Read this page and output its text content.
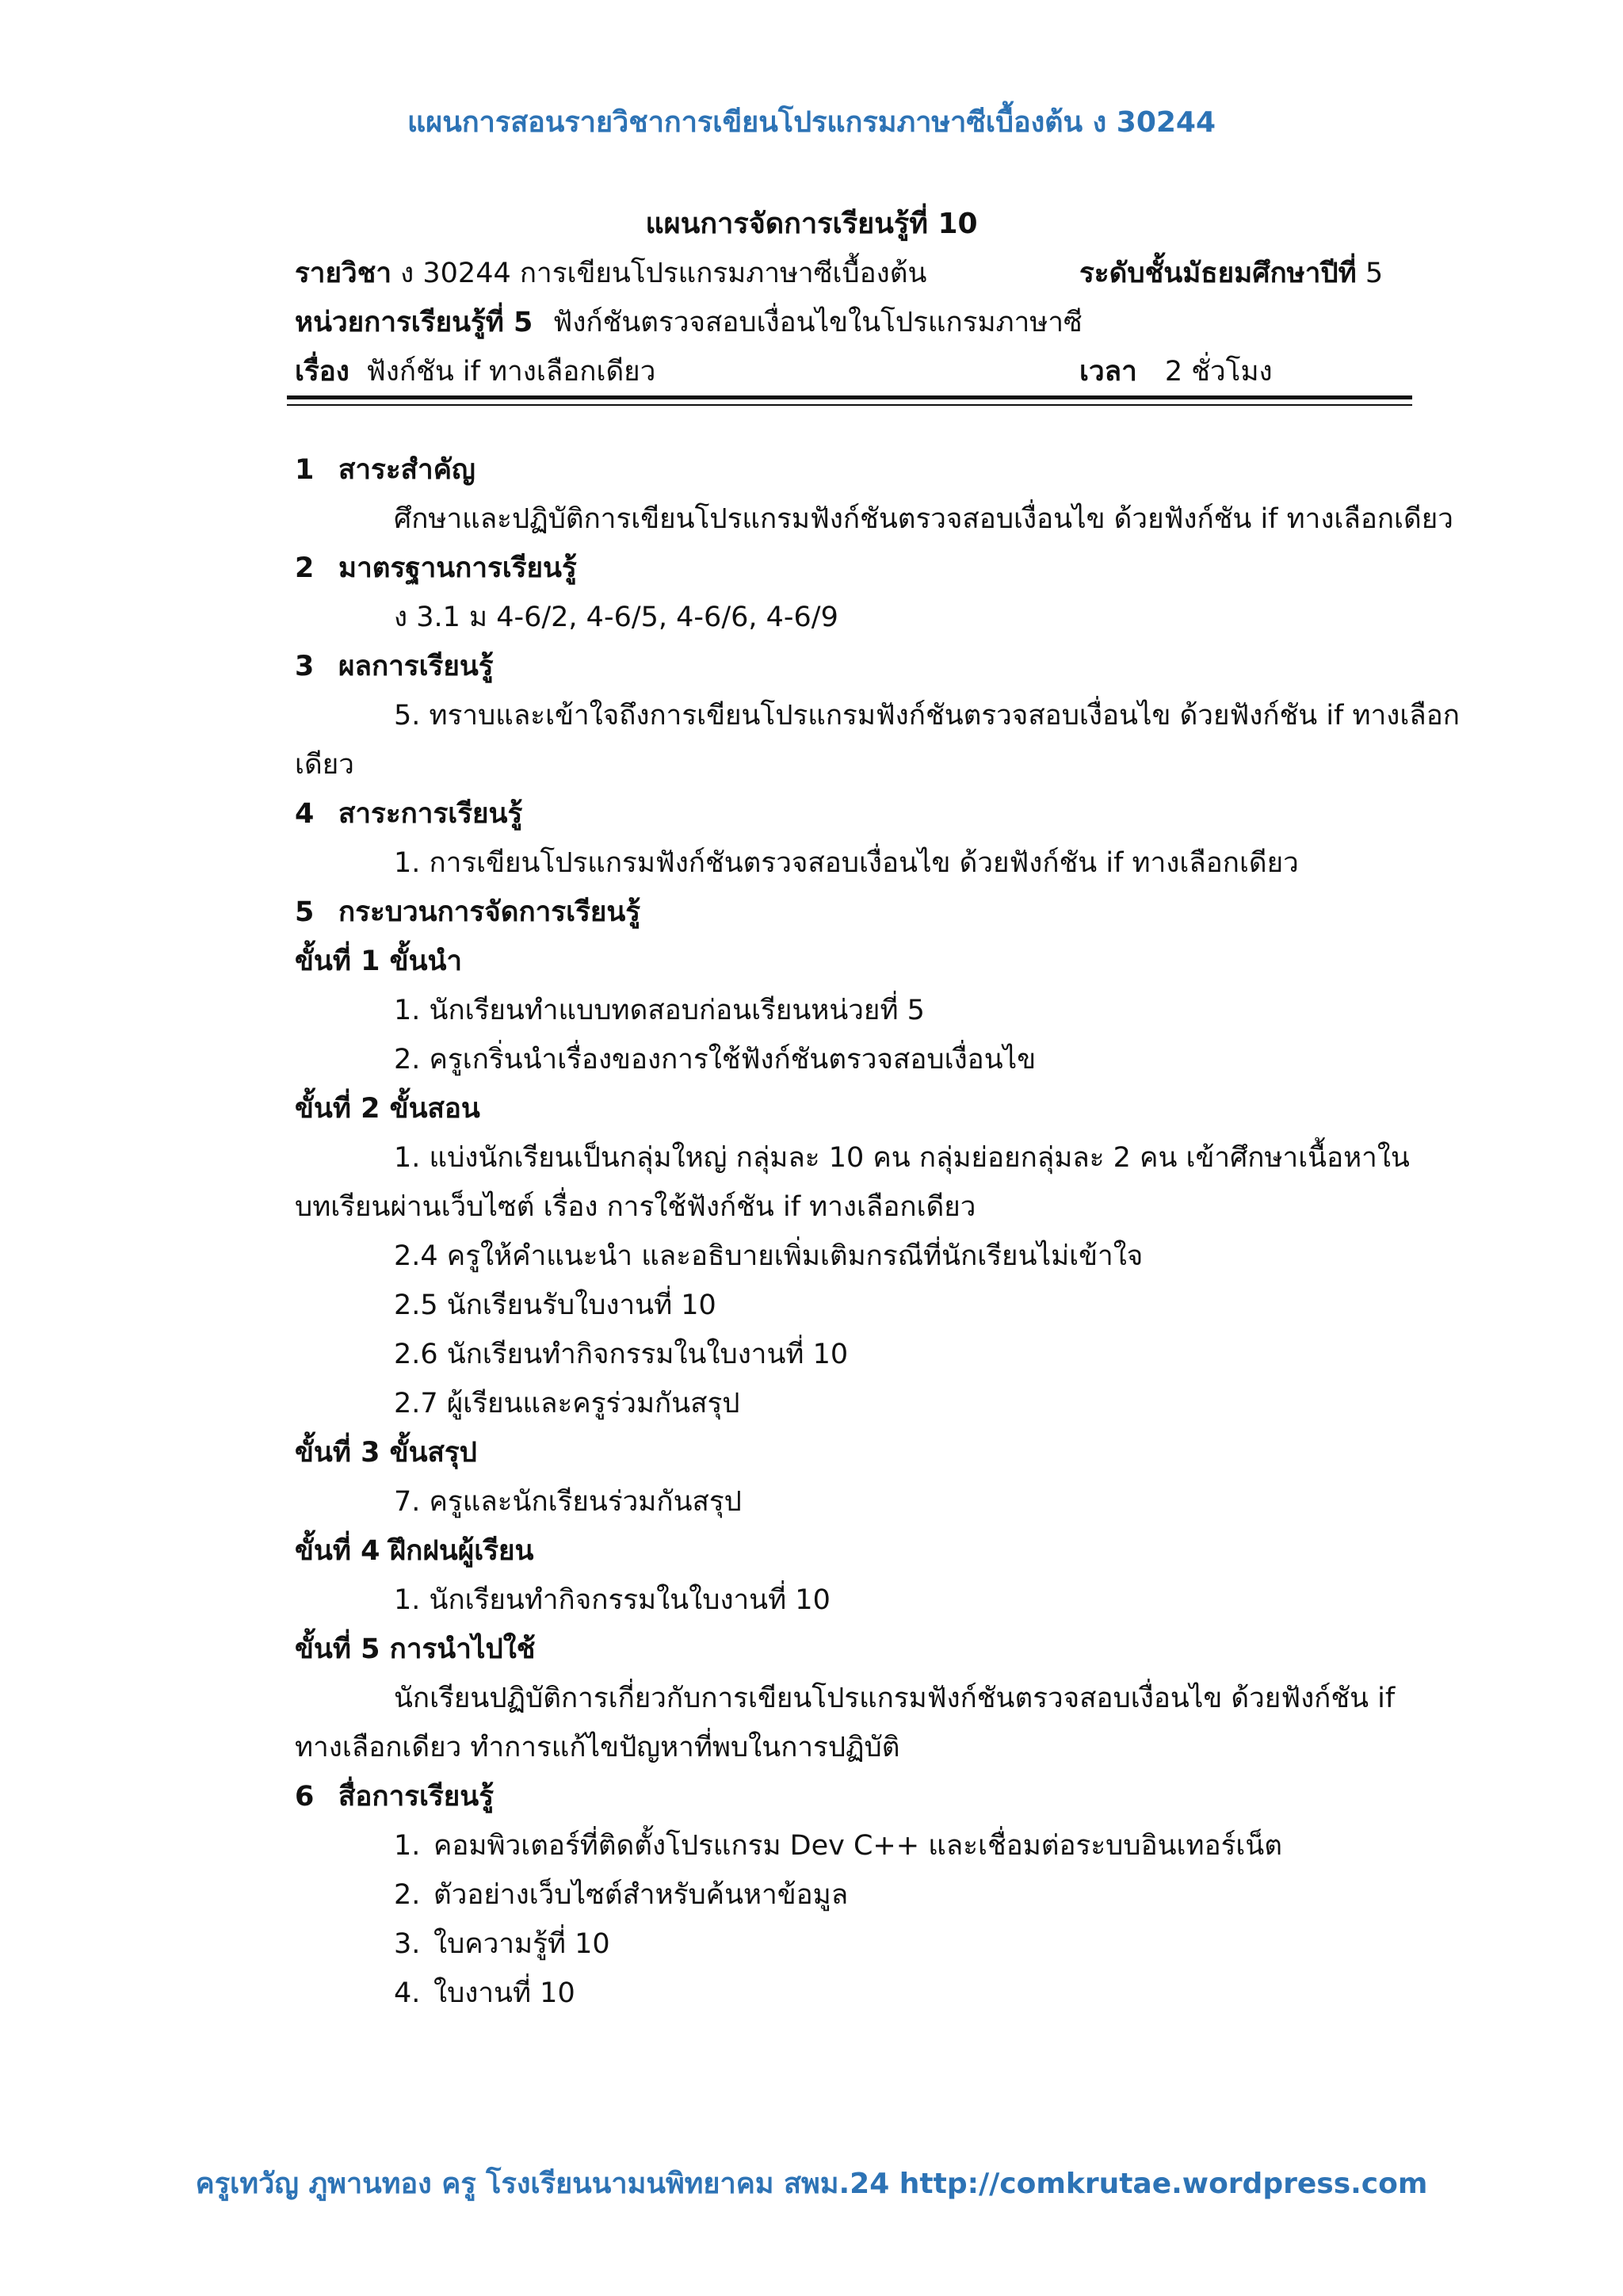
แผนการสอนรายวิชาการเขียนโปรแกรมภาษาซีเบื้องต้น ง 30244
แผนการจัดการเรียนรู้ที่ 10
รายวิชา ง 30244 การเขียนโปรแกรมภาษาซีเบื้องต้น	ระดับชั้นมัธยมศึกษาปีที่ 5
หน่วยการเรียนรู้ที่ 5 ฟังก์ชันตรวจสอบเงื่อนไขในโปรแกรมภาษาซี
เรื่อง ฟังก์ชัน if ทางเลือกเดียว	เวลา 2 ชั่วโมง
1 สาระสำคัญ
ศึกษาและปฏิบัติการเขียนโปรแกรมฟังก์ชันตรวจสอบเงื่อนไข ด้วยฟังก์ชัน if ทางเลือกเดียว
2 มาตรฐานการเรียนรู้
ง 3.1 ม 4-6/2, 4-6/5, 4-6/6, 4-6/9
3 ผลการเรียนรู้
5. ทราบและเข้าใจถึงการเขียนโปรแกรมฟังก์ชันตรวจสอบเงื่อนไข ด้วยฟังก์ชัน if ทางเลือก
เดียว
4 สาระการเรียนรู้
1. การเขียนโปรแกรมฟังก์ชันตรวจสอบเงื่อนไข ด้วยฟังก์ชัน if ทางเลือกเดียว
5 กระบวนการจัดการเรียนรู้
ขั้นที่ 1 ขั้นนำ
1. นักเรียนทำแบบทดสอบก่อนเรียนหน่วยที่ 5
2. ครูเกริ่นนำเรื่องของการใช้ฟังก์ชันตรวจสอบเงื่อนไข
ขั้นที่ 2 ขั้นสอน
1. แบ่งนักเรียนเป็นกลุ่มใหญ่ กลุ่มละ 10 คน กลุ่มย่อยกลุ่มละ 2 คน เข้าศึกษาเนื้อหาใน
บทเรียนผ่านเว็บไซต์ เรื่อง การใช้ฟังก์ชัน if ทางเลือกเดียว
2.4 ครูให้คำแนะนำ และอธิบายเพิ่มเติมกรณีที่นักเรียนไม่เข้าใจ
2.5 นักเรียนรับใบงานที่ 10
2.6 นักเรียนทำกิจกรรมในใบงานที่ 10
2.7 ผู้เรียนและครูร่วมกันสรุป
ขั้นที่ 3 ขั้นสรุป
7. ครูและนักเรียนร่วมกันสรุป
ขั้นที่ 4 ฝึกฝนผู้เรียน
1. นักเรียนทำกิจกรรมในใบงานที่ 10
ขั้นที่ 5 การนำไปใช้
นักเรียนปฏิบัติการเกี่ยวกับการเขียนโปรแกรมฟังก์ชันตรวจสอบเงื่อนไข ด้วยฟังก์ชัน if
ทางเลือกเดียว ทำการแก้ไขปัญหาที่พบในการปฏิบัติ
6 สื่อการเรียนรู้
1. คอมพิวเตอร์ที่ติดตั้งโปรแกรม Dev C++ และเชื่อมต่อระบบอินเทอร์เน็ต
2. ตัวอย่างเว็บไซต์สำหรับค้นหาข้อมูล
3. ใบความรู้ที่ 10
4. ใบงานที่ 10
ครูเทวัญ ภูพานทอง ครู โรงเรียนนามนพิทยาคม สพม.24 http://comkrutae.wordpress.com
